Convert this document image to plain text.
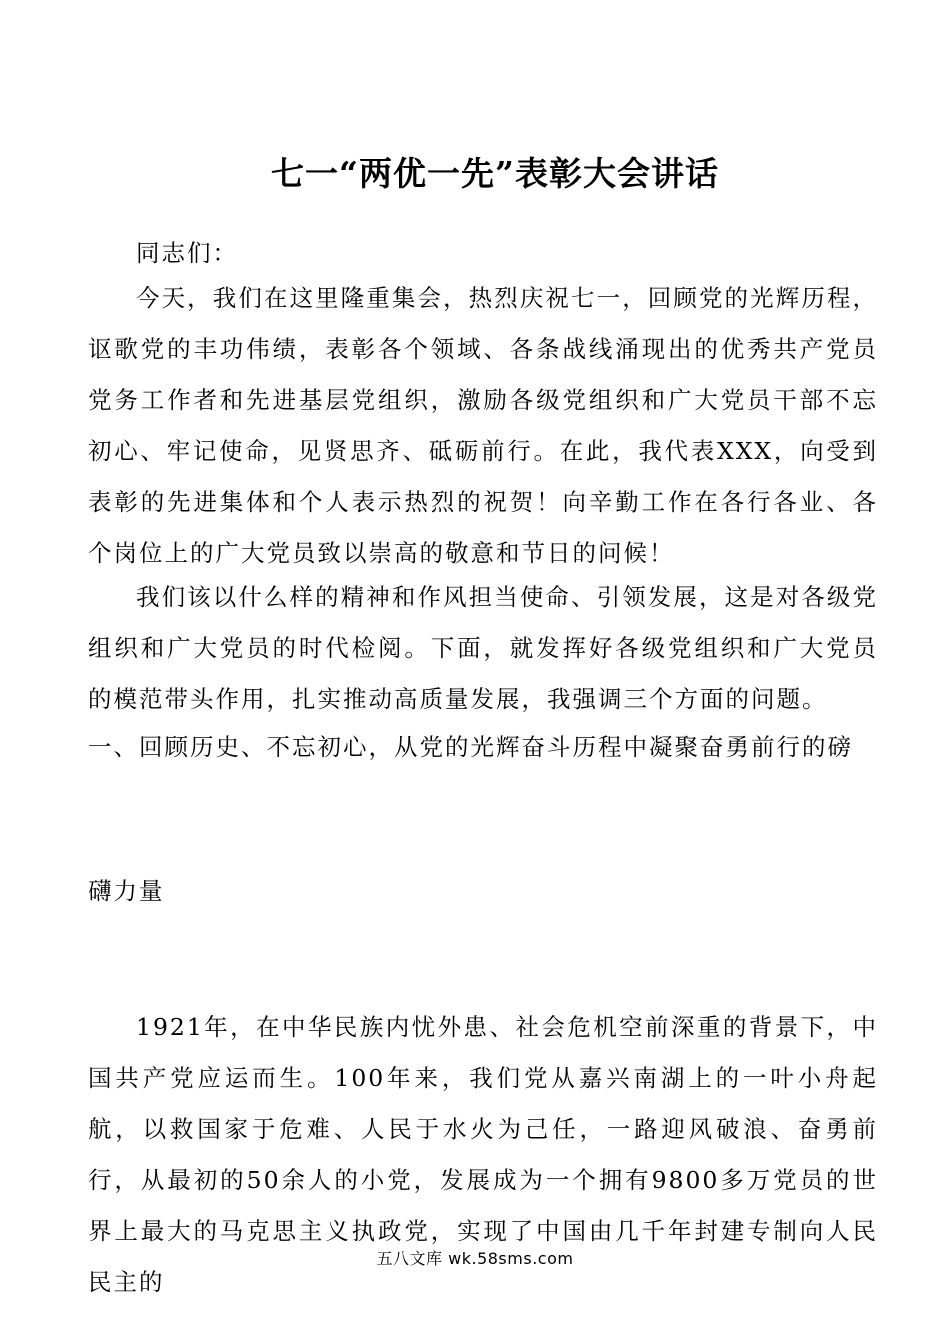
七一“两优一先”表彰大会讲话

同志们：

今天，我们在这里隆重集会，热烈庆祝七一，回顾党的光辉历程，讴歌党的丰功伟绩，表彰各个领域、各条战线涌现出的优秀共产党员党务工作者和先进基层党组织，激励各级党组织和广大党员干部不忘初心、牢记使命，见贤思齐、砥砺前行。在此，我代表XXX，向受到表彰的先进集体和个人表示热烈的祝贺！向辛勤工作在各行各业、各个岗位上的广大党员致以崇高的敬意和节日的问候！

我们该以什么样的精神和作风担当使命、引领发展，这是对各级党组织和广大党员的时代检阅。下面，就发挥好各级党组织和广大党员的模范带头作用，扎实推动高质量发展，我强调三个方面的问题。

一、回顾历史、不忘初心，从党的光辉奋斗历程中凝聚奋勇前行的磅

礴力量

1921年，在中华民族内忧外患、社会危机空前深重的背景下，中国共产党应运而生。100年来，我们党从嘉兴南湖上的一叶小舟起航，以救国家于危难、人民于水火为己任，一路迎风破浪、奋勇前行，从最初的50余人的小党，发展成为一个拥有9800多万党员的世界上最大的马克思主义执政党，实现了中国由几千年封建专制向人民民主的

五八文库 wk.58sms.com
